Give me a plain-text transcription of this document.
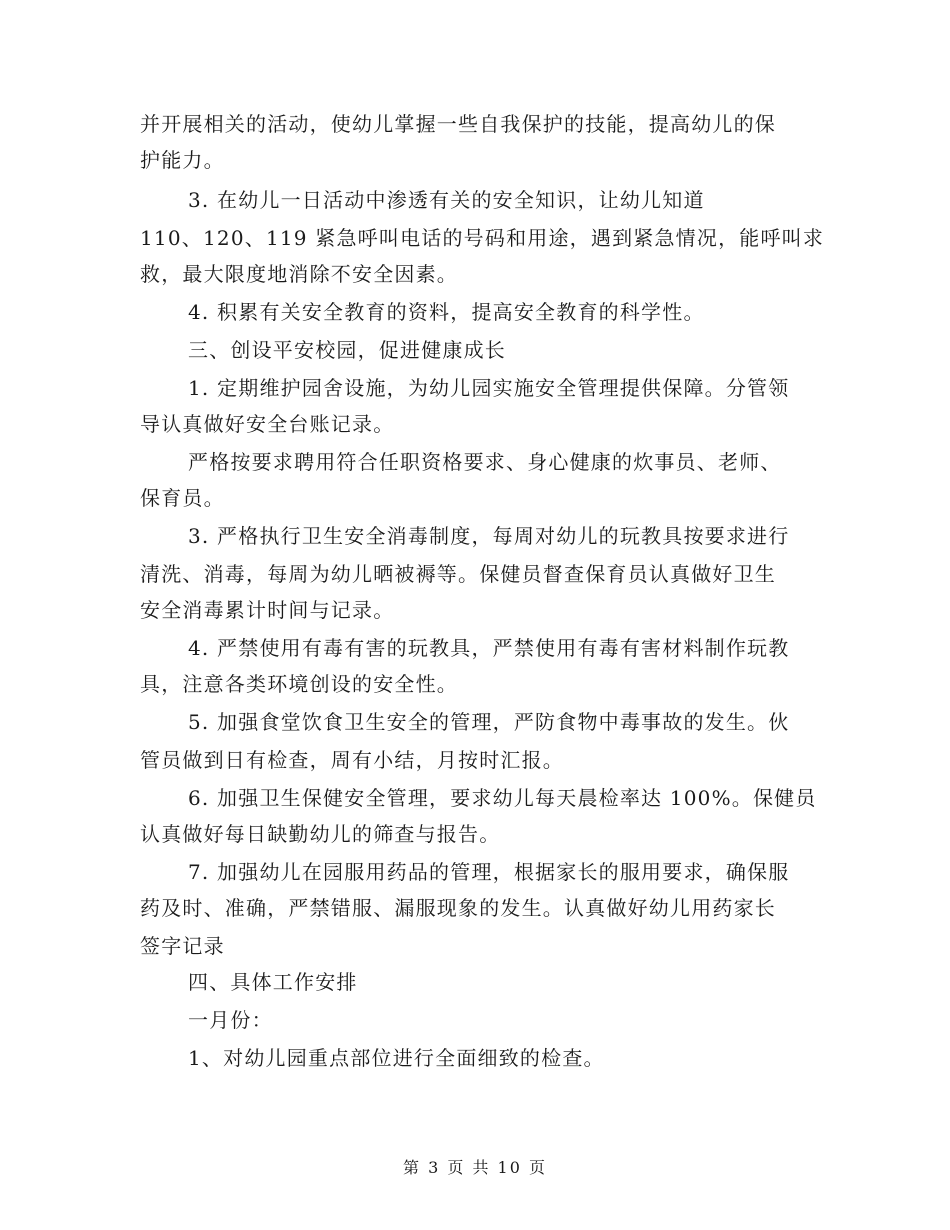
并开展相关的活动，使幼儿掌握一些自我保护的技能，提高幼儿的保
护能力。
3. 在幼儿一日活动中渗透有关的安全知识，让幼儿知道
110、120、119 紧急呼叫电话的号码和用途，遇到紧急情况，能呼叫求
救，最大限度地消除不安全因素。
4. 积累有关安全教育的资料，提高安全教育的科学性。
三、创设平安校园，促进健康成长
1. 定期维护园舍设施，为幼儿园实施安全管理提供保障。分管领
导认真做好安全台账记录。
严格按要求聘用符合任职资格要求、身心健康的炊事员、老师、
保育员。
3. 严格执行卫生安全消毒制度，每周对幼儿的玩教具按要求进行
清洗、消毒，每周为幼儿晒被褥等。保健员督查保育员认真做好卫生
安全消毒累计时间与记录。
4. 严禁使用有毒有害的玩教具，严禁使用有毒有害材料制作玩教
具，注意各类环境创设的安全性。
5. 加强食堂饮食卫生安全的管理，严防食物中毒事故的发生。伙
管员做到日有检查，周有小结，月按时汇报。
6. 加强卫生保健安全管理，要求幼儿每天晨检率达 100%。保健员
认真做好每日缺勤幼儿的筛查与报告。
7. 加强幼儿在园服用药品的管理，根据家长的服用要求，确保服
药及时、准确，严禁错服、漏服现象的发生。认真做好幼儿用药家长
签字记录
四、具体工作安排
一月份：
1、对幼儿园重点部位进行全面细致的检查。
第 3 页 共 10 页
